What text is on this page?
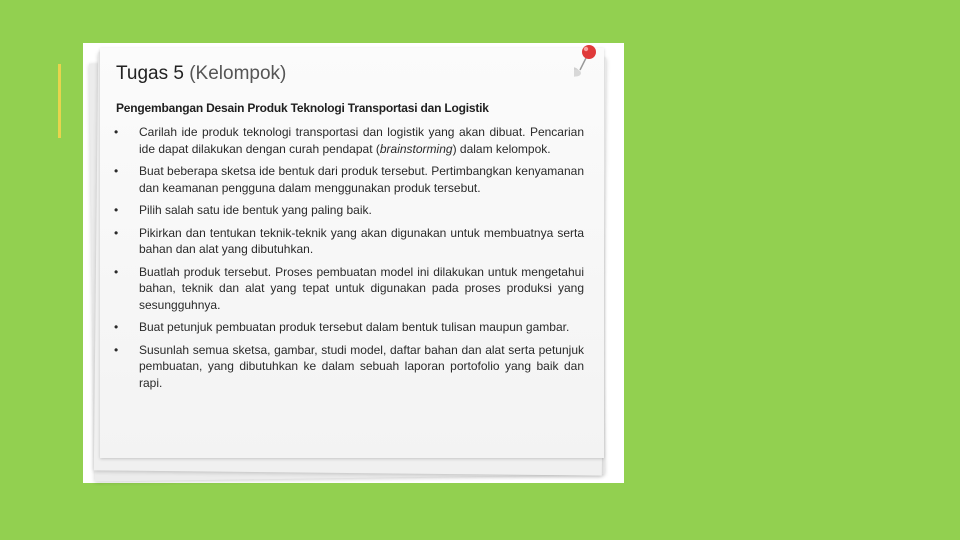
Tugas 5 (Kelompok)
Pengembangan Desain Produk Teknologi Transportasi dan Logistik
• Carilah ide produk teknologi transportasi dan logistik yang akan dibuat. Pencarian ide dapat dilakukan dengan curah pendapat (brainstorming) dalam kelompok.
• Buat beberapa sketsa ide bentuk dari produk tersebut. Pertimbangkan kenyamanan dan keamanan pengguna dalam menggunakan produk tersebut.
• Pilih salah satu ide bentuk yang paling baik.
• Pikirkan dan tentukan teknik-teknik yang akan digunakan untuk membuatnya serta bahan dan alat yang dibutuhkan.
• Buatlah produk tersebut. Proses pembuatan model ini dilakukan untuk mengetahui bahan, teknik dan alat yang tepat untuk digunakan pada proses produksi yang sesungguhnya.
• Buat petunjuk pembuatan produk tersebut dalam bentuk tulisan maupun gambar.
• Susunlah semua sketsa, gambar, studi model, daftar bahan dan alat serta petunjuk pembuatan, yang dibutuhkan ke dalam sebuah laporan portofolio yang baik dan rapi.
